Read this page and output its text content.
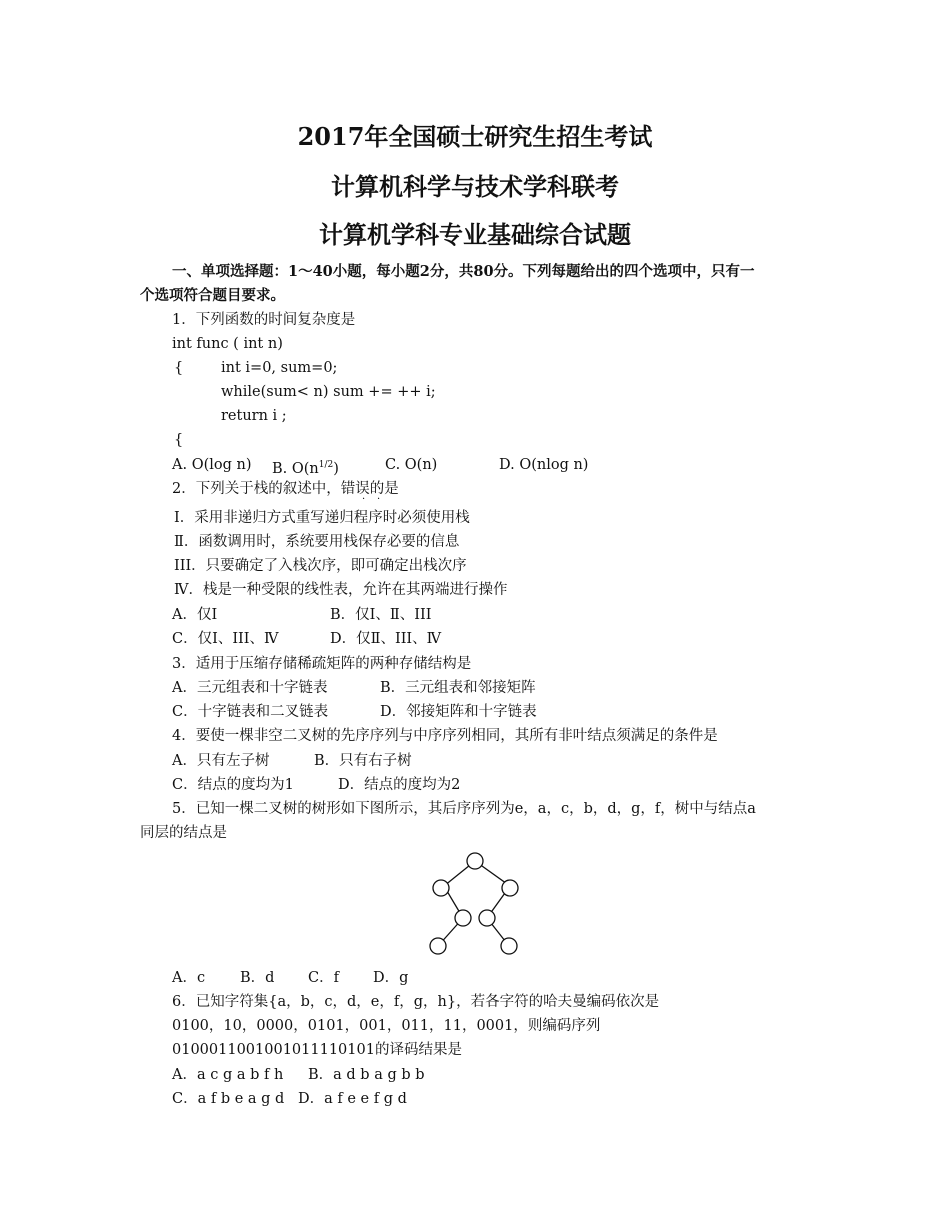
2017年全国硕士研究生招生考试
计算机科学与技术学科联考
计算机学科专业基础综合试题
一、单项选择题：1～40小题，每小题2分，共80分。下列每题给出的四个选项中，只有一
个选项符合题目要求。
1．下列函数的时间复杂度是
int func ( int n)
{	int i=0, sum=0;
while(sum< n) sum += ++ i;
return i ;
{
A. O(log n) B. $O(n^{1/2})$	C. O(n)	D. O(nlog n)
2．下列关于栈的叙述中，错误的是
· ·
Ⅰ．采用非递归方式重写递归程序时必须使用栈
Ⅱ．函数调用时，系统要用栈保存必要的信息
III．只要确定了入栈次序，即可确定出栈次序
Ⅳ．栈是一种受限的线性表，允许在其两端进行操作
A．仅Ⅰ	B．仅Ⅰ、Ⅱ、III
C．仅Ⅰ、III、Ⅳ	D．仅Ⅱ、III、Ⅳ
3．适用于压缩存储稀疏矩阵的两种存储结构是
A．三元组表和十字链表	B．三元组表和邻接矩阵
C．十字链表和二叉链表	D．邻接矩阵和十字链表
4．要使一棵非空二叉树的先序序列与中序序列相同，其所有非叶结点须满足的条件是
A．只有左子树	B．只有右子树
C．结点的度均为1	D．结点的度均为2
5．已知一棵二叉树的树形如下图所示，其后序序列为e，a，c，b，d，g，f，树中与结点a
同层的结点是
A．c B．d C．f D．g
6．已知字符集{a，b，c，d，e，f，g，h}，若各字符的哈夫曼编码依次是
0100，10，0000，0101，001，011，11，0001，则编码序列
0100011001001011110101的译码结果是
A．a c g a b f h B．a d b a g b b
C．a f b e a g d D．a f e e f g d
